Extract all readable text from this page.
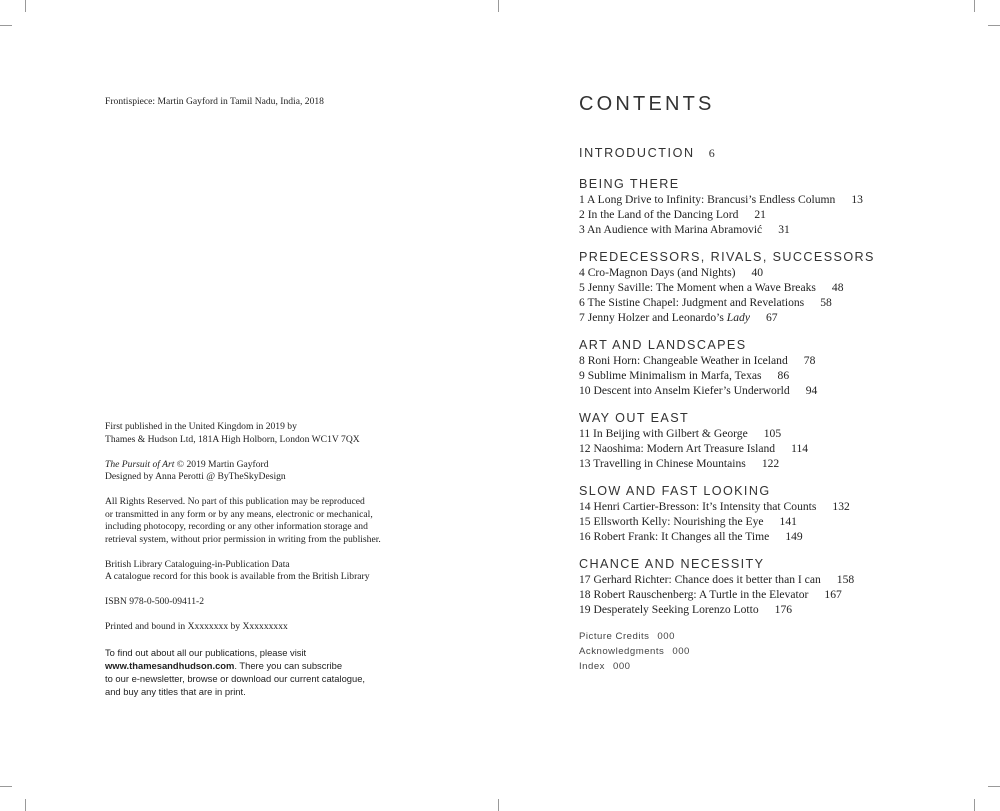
Frontispiece: Martin Gayford in Tamil Nadu, India, 2018

First published in the United Kingdom in 2019 by
Thames & Hudson Ltd, 181A High Holborn, London WC1V 7QX

The Pursuit of Art © 2019 Martin Gayford
Designed by Anna Perotti @ ByTheSkyDesign

All Rights Reserved. No part of this publication may be reproduced
or transmitted in any form or by any means, electronic or mechanical,
including photocopy, recording or any other information storage and
retrieval system, without prior permission in writing from the publisher.

British Library Cataloguing-in-Publication Data
A catalogue record for this book is available from the British Library

ISBN 978-0-500-09411-2

Printed and bound in Xxxxxxxx by Xxxxxxxxx

To find out about all our publications, please visit
www.thamesandhudson.com. There you can subscribe
to our e-newsletter, browse or download our current catalogue,
and buy any titles that are in print.

CONTENTS
INTRODUCTION 6
BEING THERE
1 A Long Drive to Infinity: Brancusi’s Endless Column 13
2 In the Land of the Dancing Lord 21
3 An Audience with Marina Abramović 31
PREDECESSORS, RIVALS, SUCCESSORS
4 Cro-Magnon Days (and Nights) 40
5 Jenny Saville: The Moment when a Wave Breaks 48
6 The Sistine Chapel: Judgment and Revelations 58
7 Jenny Holzer and Leonardo’s Lady 67
ART AND LANDSCAPES
8 Roni Horn: Changeable Weather in Iceland 78
9 Sublime Minimalism in Marfa, Texas 86
10 Descent into Anselm Kiefer’s Underworld 94
WAY OUT EAST
11 In Beijing with Gilbert & George 105
12 Naoshima: Modern Art Treasure Island 114
13 Travelling in Chinese Mountains 122
SLOW AND FAST LOOKING
14 Henri Cartier-Bresson: It’s Intensity that Counts 132
15 Ellsworth Kelly: Nourishing the Eye 141
16 Robert Frank: It Changes all the Time 149
CHANCE AND NECESSITY
17 Gerhard Richter: Chance does it better than I can 158
18 Robert Rauschenberg: A Turtle in the Elevator 167
19 Desperately Seeking Lorenzo Lotto 176
Picture Credits 000
Acknowledgments 000
Index 000
